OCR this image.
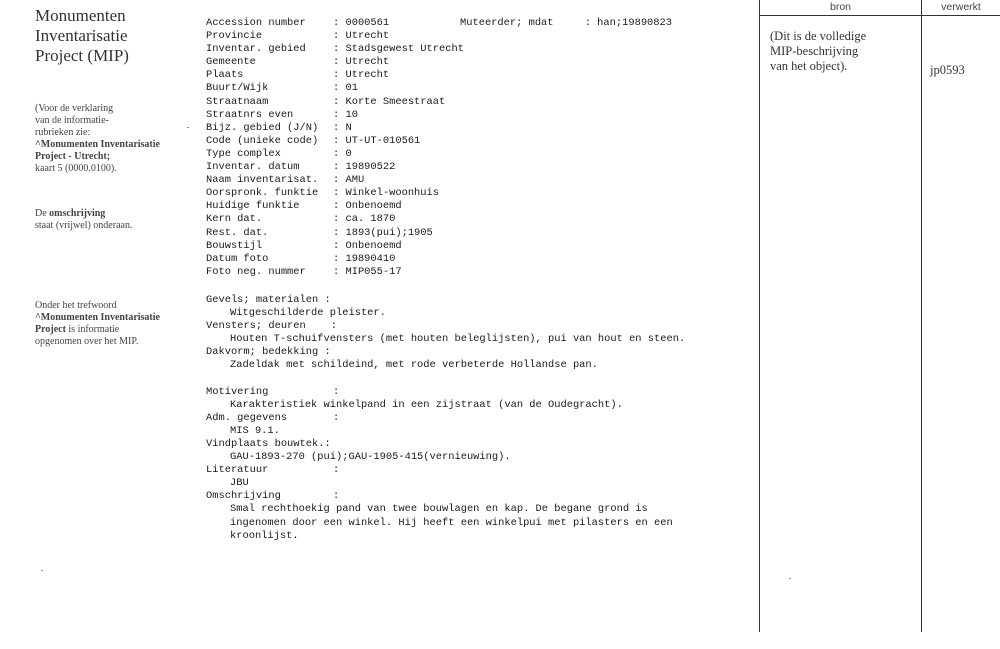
Monumenten
Inventarisatie
Project (MIP)
(Voor de verklaring
van de informatie-
rubrieken zie:
^Monumenten Inventarisatie
Project - Utrecht;
kaart 5 (0000.0100).
De omschrijving
staat (vrijwel) onderaan.
Onder het trefwoord
^Monumenten Inventarisatie
Project is informatie
opgenomen over het MIP.
Muteerder; mdat     : han;19890823
Accession number	: 0000561
Provincie	: Utrecht
Inventar. gebied	: Stadsgewest Utrecht
Gemeente	: Utrecht
Plaats	: Utrecht
Buurt/Wijk	: 01
Straatnaam	: Korte Smeestraat
Straatnrs even	: 10
Bijz. gebied (J/N) : N
Code (unieke code) : UT-UT-010561
Type complex	: 0
Inventar. datum	: 19890522
Naam inventarisat. : AMU
Oorspronk. funktie : Winkel-woonhuis
Huidige funktie	: Onbenoemd
Kern dat.	: ca. 1870
Rest. dat.	: 1893(pui);1905
Bouwstijl	: Onbenoemd
Datum foto	: 19890410
Foto neg. nummer	: MIP055-17
Gevels; materialen :
Witgeschilderde pleister.
Vensters; deuren    :
Houten T-schuifvensters (met houten beleglijsten), pui van hout en steen.
Dakvorm; bedekking :
Zadeldak met schildeind, met rode verbeterde Hollandse pan.
Motivering	:
Karakteristiek winkelpand in een zijstraat (van de Oudegracht).
Adm. gegevens	:
MIS 9.1.
Vindplaats bouwtek.:
GAU-1893-270 (pui);GAU-1905-415(vernieuwing).
Literatuur	:
JBU
Omschrijving	:
Smal rechthoekig pand van twee bouwlagen en kap. De begane grond is
ingenomen door een winkel. Hij heeft een winkelpui met pilasters en een
kroonlijst.
bron	verwerkt
(Dit is de volledige
MIP-beschrijving
van het object).	jp0593
